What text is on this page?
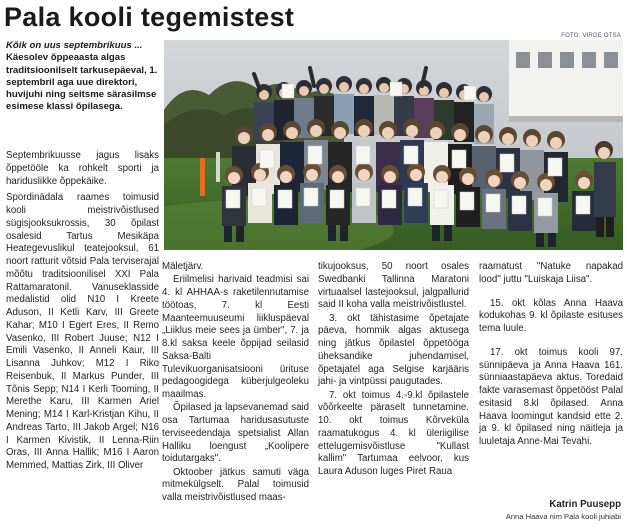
Pala kooli tegemistest
FOTO: VIRGE OTSA
Kõik on uus septembrikuus ... Käesolev õppeaasta algas traditsioonilselt tarkusepäeval, 1. septembril aga uue direktori, huvijuhi ning seitsme särasilmse esimese klassi õpilasega.

Septembrikuusse jagus lisaks õppetööle ka rohkelt sporti ja hariduslikke õppekäike.

Spordinädala raames toimusid kooli meistrivõistlused sügisjooksukrossis, 30 õpilast osalesid Tartus Mesikäpa Heategevuslikul teatejooksul, 61 noort ratturit võtsid Pala terviserajal mõõtu traditsioonilisel XXI Pala Rattamaratonil. Vanuseklasside medalistid olid N10 I Kreete Aduson, II Ketli Karv, III Greete Kahar; M10 I Egert Eres, II Remo Vasenko, III Robert Juuse; N12 I Emili Vasenko, II Anneli Kaur, III Lisanna Juhkov; M12 I Riko Reisenbuk, II Markus Punder, III Tõnis Sepp; N14 I Kerli Tooming, II Merethe Karu, III Karmen Ariel Mening; M14 I Karl-Kristjan Kihu, II Andreas Tarto, III Jakob Argel; N16 I Karmen Kivistik, II Lenna-Riin Oras, III Anna Hallik; M16 I Aaron Memmed, Mattias Zirk, III Oliver

Mäletjärv.

Eriilmelisi harivaid teadmisi sai 4. kl AHHAA-s raketilennutamise töötoas, 7. kl Eesti Maanteemuuseumi liikluspäeval „Liiklus meie sees ja ümber", 7. ja 8.kl saksa keele õppijad seilasid Saksa-Balti Tulevikuorganisatsiooni ürituse pedagoogidega küberjulgeoleku maailmas.

Õpilased ja lapsevanemad said osa Tartumaa haridusasutuste terviseedendaja spetsialist Allan Halliku loengust „Koolipere toidutargaks".

Oktoober jätkus samuti väga mitmekülgselt. Palal toimusid valla meistrivõistlused maas-

tikujooksus, 50 noort osales Swedbanki Tallinna Maratoni virtuaalsel lastejooksul, jalgpallurid said II koha valla meistrivõistlustel.

3. okt tähistasime õpetajate päeva, hommik algas aktusega ning jätkus õpilastel õppetööga üheksandike juhendamisel, õpetajatel aga Selgise karjääris jahi- ja vintpüssi paugutades.

7. okt toimus 4.-9.kl õpilastele võõrkeelte päraselt tunnetamine. 10. okt toimus Kõrveküla raamatukogus 4. kl üleriigilise ettelugemisvõistluse "Kullast kallim" Tartumaa eelvoor, kus Laura Aduson luges Piret Raua

raamatust "Natuke napakad lood" juttu "Luiskaja Liisa".

15. okt kõlas Anna Haava kodukohas 9. kl õpilaste esituses tema luule.

17. okt toimus kooli 97. sünnipäeva ja Anna Haava 161. sünniaastapäeva aktus. Toredaid fakte varasemast õppetööst Palal esitasid 8.kl õpilased. Anna Haava loomingut kandsid ette 2. ja 9. kl õpilased ning näitleja ja luuletaja Anne-Mai Tevahi.

Katrin Puusepp
Anna Haava nim Pala kooli juhiabi
